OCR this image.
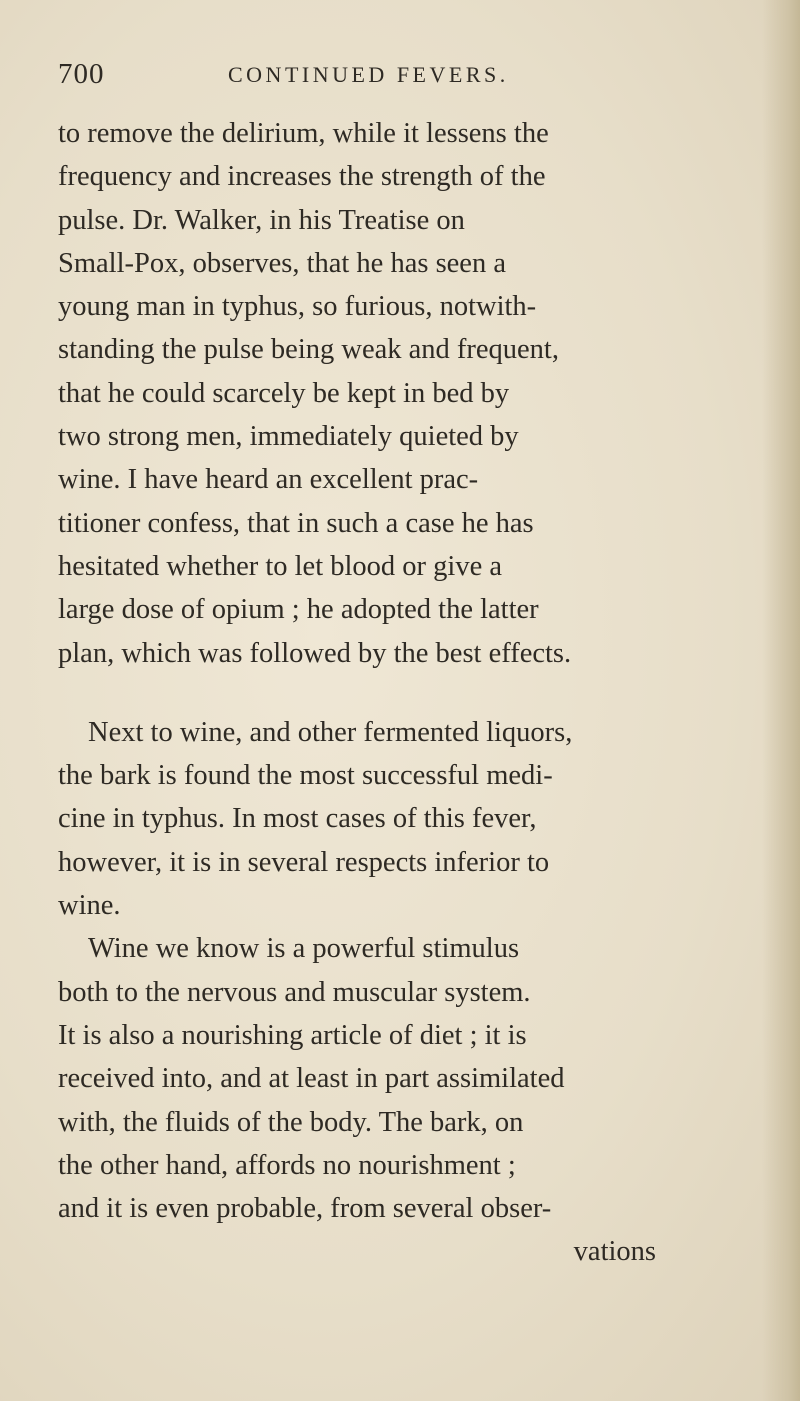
700	CONTINUED FEVERS.
to remove the delirium, while it lessens the
frequency and increases the strength of the
pulse. Dr. Walker, in his Treatise on
Small-Pox, observes, that he has seen a
young man in typhus, so furious, notwith-
standing the pulse being weak and frequent,
that he could scarcely be kept in bed by
two strong men, immediately quieted by
wine. I have heard an excellent prac-
titioner confess, that in such a case he has
hesitated whether to let blood or give a
large dose of opium ; he adopted the latter
plan, which was followed by the best effects.
Next to wine, and other fermented liquors,
the bark is found the most successful medi-
cine in typhus. In most cases of this fever,
however, it is in several respects inferior to
wine.
Wine we know is a powerful stimulus
both to the nervous and muscular system.
It is also a nourishing article of diet ; it is
received into, and at least in part assimilated
with, the fluids of the body. The bark, on
the other hand, affords no nourishment ;
and it is even probable, from several obser-
vations
